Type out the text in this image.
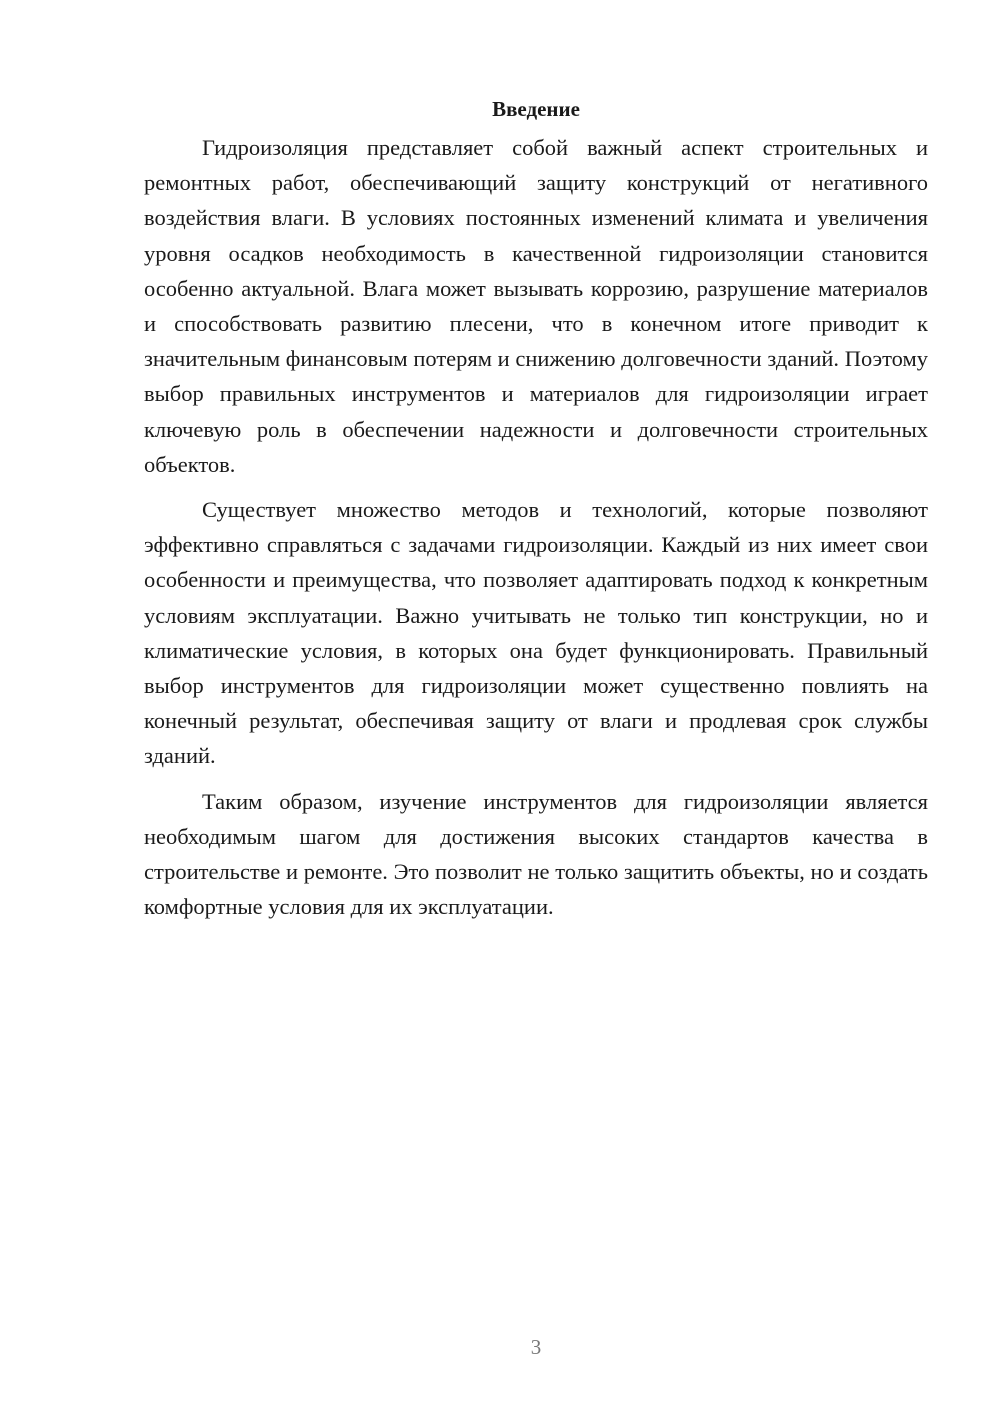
Введение

Гидроизоляция представляет собой важный аспект строительных и ремонтных работ, обеспечивающий защиту конструкций от негативного воздействия влаги. В условиях постоянных изменений климата и увеличения уровня осадков необходимость в качественной гидроизоляции становится особенно актуальной. Влага может вызывать коррозию, разрушение материалов и способствовать развитию плесени, что в конечном итоге приводит к значительным финансовым потерям и снижению долговечности зданий. Поэтому выбор правильных инструментов и материалов для гидроизоляции играет ключевую роль в обеспечении надежности и долговечности строительных объектов.

Существует множество методов и технологий, которые позволяют эффективно справляться с задачами гидроизоляции. Каждый из них имеет свои особенности и преимущества, что позволяет адаптировать подход к конкретным условиям эксплуатации. Важно учитывать не только тип конструкции, но и климатические условия, в которых она будет функционировать. Правильный выбор инструментов для гидроизоляции может существенно повлиять на конечный результат, обеспечивая защиту от влаги и продлевая срок службы зданий.

Таким образом, изучение инструментов для гидроизоляции является необходимым шагом для достижения высоких стандартов качества в строительстве и ремонте. Это позволит не только защитить объекты, но и создать комфортные условия для их эксплуатации.

3
